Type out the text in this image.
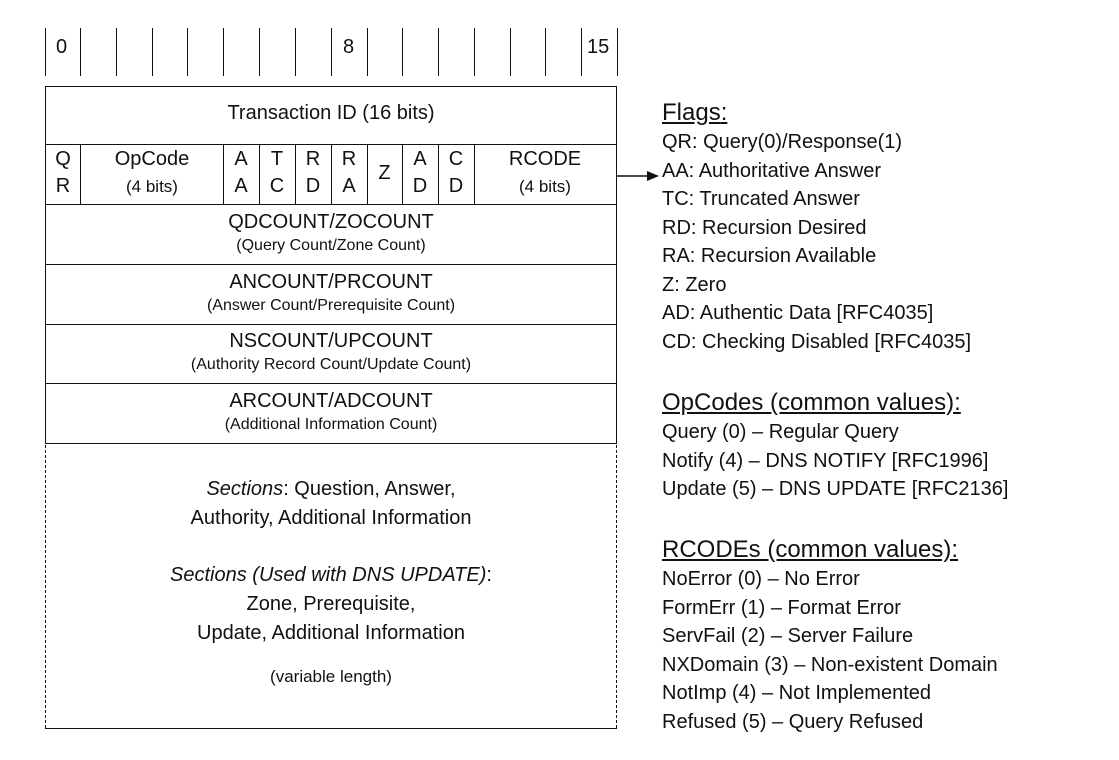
0	8	15
Transaction ID (16 bits)
Q
R
OpCode
(4 bits)
A
A
T
C
R
D
R
A
Z
A
D
C
D
RCODE
(4 bits)
QDCOUNT/ZOCOUNT
(Query Count/Zone Count)
ANCOUNT/PRCOUNT
(Answer Count/Prerequisite Count)
NSCOUNT/UPCOUNT
(Authority Record Count/Update Count)
ARCOUNT/ADCOUNT
(Additional Information Count)
Sections: Question, Answer,
Authority, Additional Information
Sections (Used with DNS UPDATE):
Zone, Prerequisite,
Update, Additional Information
(variable length)
Flags:
QR: Query(0)/Response(1)
AA: Authoritative Answer
TC: Truncated Answer
RD: Recursion Desired
RA: Recursion Available
Z: Zero
AD: Authentic Data [RFC4035]
CD: Checking Disabled [RFC4035]
OpCodes (common values):
Query (0) – Regular Query
Notify (4) – DNS NOTIFY [RFC1996]
Update (5) – DNS UPDATE [RFC2136]
RCODEs (common values):
NoError (0) – No Error
FormErr (1) – Format Error
ServFail (2) – Server Failure
NXDomain (3) – Non-existent Domain
NotImp (4) – Not Implemented
Refused (5) – Query Refused
